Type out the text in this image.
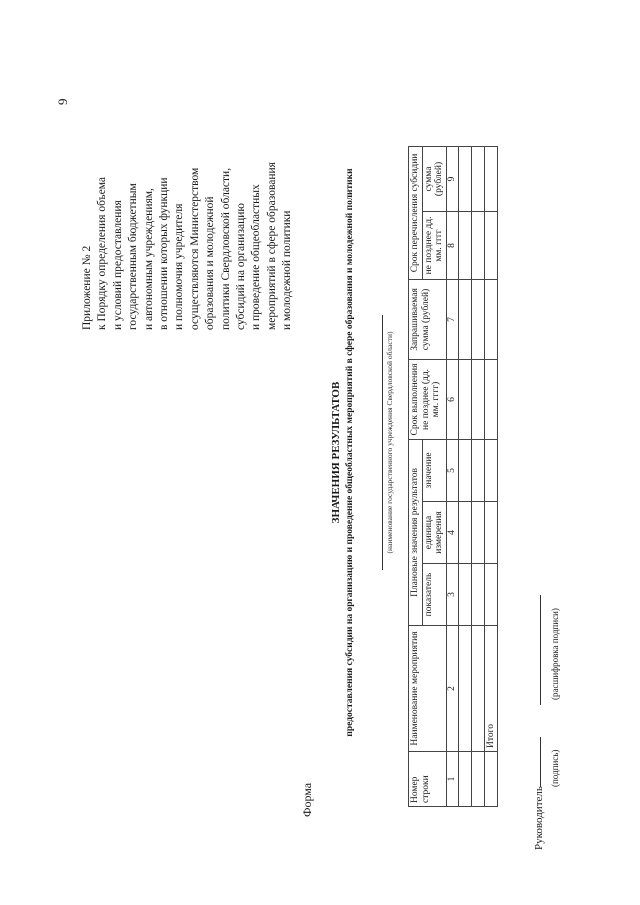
9
Приложение № 2 к Порядку определения объема и условий предоставления государственным бюджетным и автономным учреждениям, в отношении которых функции и полномочия учредителя осуществляются Министерством образования и молодежной политики Свердловской области, субсидий на организацию и проведение общеобластных мероприятий в сфере образования и молодежной политики
Форма
ЗНАЧЕНИЯ РЕЗУЛЬТАТОВ предоставления субсидии на организацию и проведение общеобластных мероприятий в сфере образования и молодежной политики	(наименование государственного учреждения Свердловской области)
Номер строки	Наименование мероприятия	Плановые значения результатов			Срок выполнения не позднее (дд. мм. гггг)	Запрашиваемая сумма (рублей)	Срок перечисления субсидии	
		показатель	единица измерения	значение			не позднее дд. мм. гггг	сумма (рублей)
1	2	3	4	5	6	7	8	9

	Итого							
Руководитель
(подпись)
(расшифровка подписи)
